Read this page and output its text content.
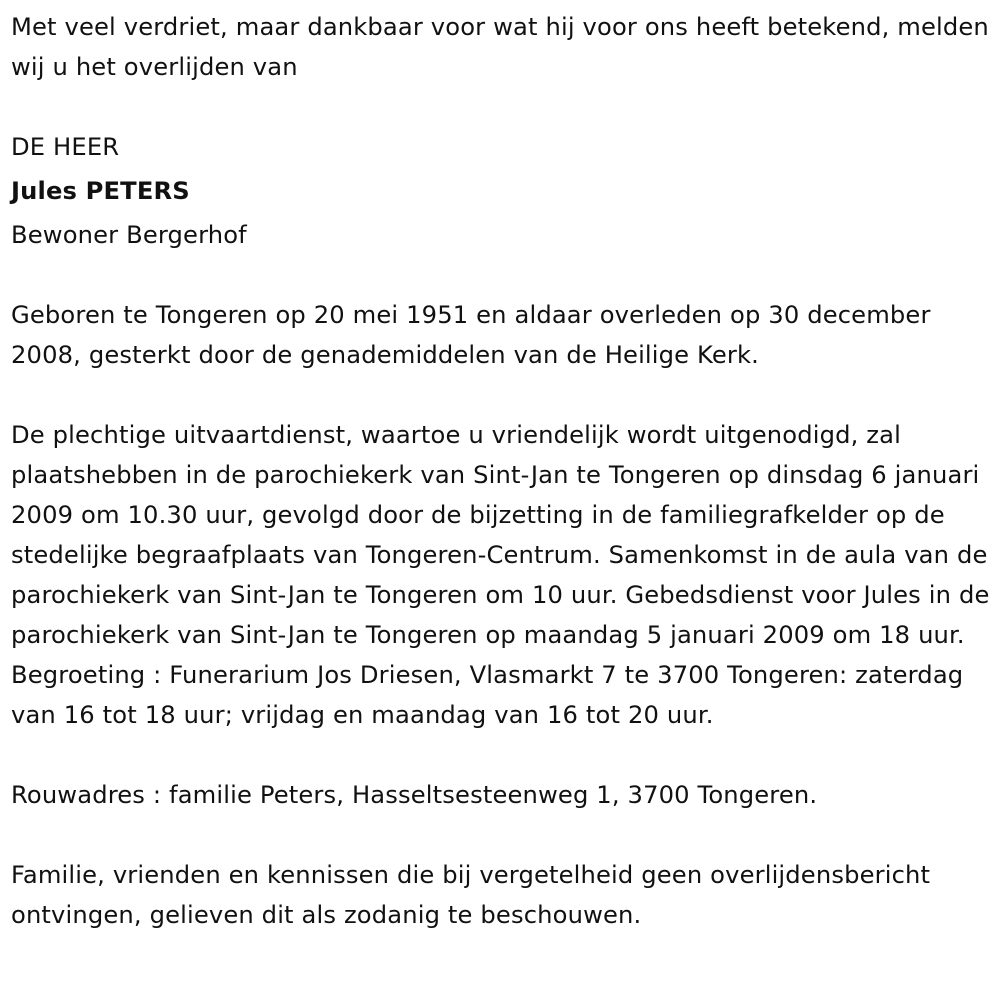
Met veel verdriet, maar dankbaar voor wat hij voor ons heeft betekend, melden wij u het overlijden van

DE HEER
Jules PETERS
Bewoner Bergerhof

Geboren te Tongeren op 20 mei 1951 en aldaar overleden op 30 december 2008, gesterkt door de genademiddelen van de Heilige Kerk.

De plechtige uitvaartdienst, waartoe u vriendelijk wordt uitgenodigd, zal plaatshebben in de parochiekerk van Sint-Jan te Tongeren op dinsdag 6 januari 2009 om 10.30 uur, gevolgd door de bijzetting in de familiegrafkelder op de stedelijke begraafplaats van Tongeren-Centrum. Samenkomst in de aula van de parochiekerk van Sint-Jan te Tongeren om 10 uur. Gebedsdienst voor Jules in de parochiekerk van Sint-Jan te Tongeren op maandag 5 januari 2009 om 18 uur. Begroeting : Funerarium Jos Driesen, Vlasmarkt 7 te 3700 Tongeren: zaterdag van 16 tot 18 uur; vrijdag en maandag van 16 tot 20 uur.

Rouwadres : familie Peters, Hasseltsesteenweg 1, 3700 Tongeren.

Familie, vrienden en kennissen die bij vergetelheid geen overlijdensbericht ontvingen, gelieven dit als zodanig te beschouwen.
